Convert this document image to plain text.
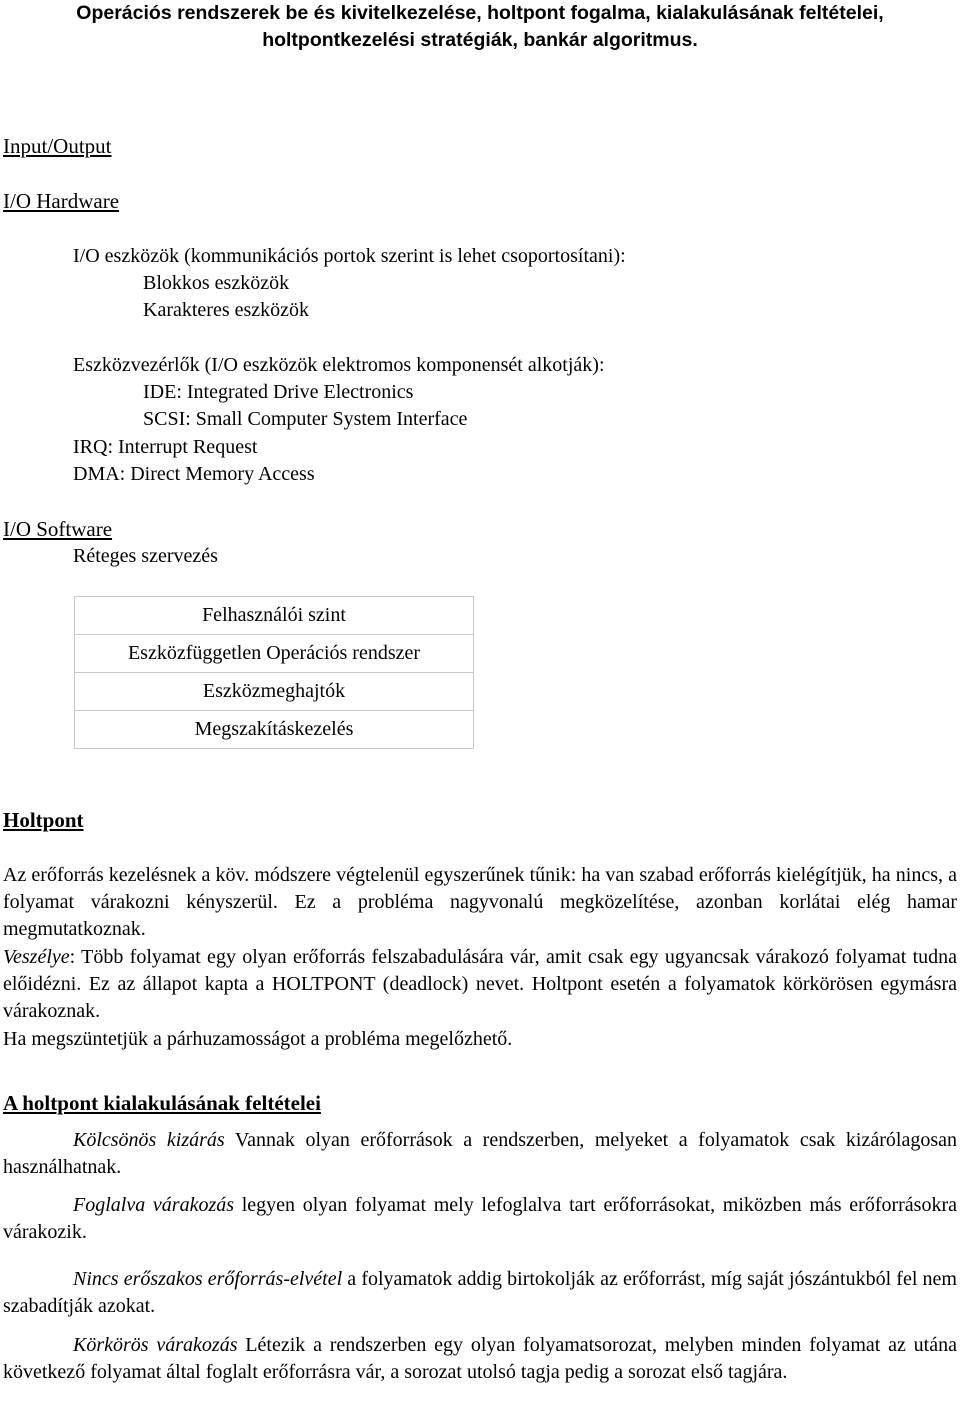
Operációs rendszerek be és kivitelkezelése, holtpont fogalma, kialakulásának feltételei,
holtpontkezelési stratégiák, bankár algoritmus.
Input/Output
I/O Hardware
I/O eszközök (kommunikációs portok szerint is lehet csoportosítani):
Blokkos eszközök
Karakteres eszközök
Eszközvezérlők (I/O eszközök elektromos komponensét alkotják):
IDE: Integrated Drive Electronics
SCSI: Small Computer System Interface
IRQ: Interrupt Request
DMA: Direct Memory Access
I/O Software
Réteges szervezés
Felhasználói szint
Eszközfüggetlen Operációs rendszer
Eszközmeghajtók
Megszakításkezelés
Holtpont
Az erőforrás kezelésnek a köv. módszere végtelenül egyszerűnek tűnik: ha van szabad erőforrás kielégítjük, ha nincs, a folyamat várakozni kényszerül. Ez a probléma nagyvonalú megközelítése, azonban korlátai elég hamar megmutatkoznak.
Veszélye: Több folyamat egy olyan erőforrás felszabadulására vár, amit csak egy ugyancsak várakozó folyamat tudna előidézni. Ez az állapot kapta a HOLTPONT (deadlock) nevet. Holtpont esetén a folyamatok körkörösen egymásra várakoznak.
Ha megszüntetjük a párhuzamosságot a probléma megelőzhető.
A holtpont kialakulásának feltételei
Kölcsönös kizárás Vannak olyan erőforrások a rendszerben, melyeket a folyamatok csak kizárólagosan használhatnak.
Foglalva várakozás legyen olyan folyamat mely lefoglalva tart erőforrásokat, miközben más erőforrásokra várakozik.
Nincs erőszakos erőforrás-elvétel a folyamatok addig birtokolják az erőforrást, míg saját jószántukból fel nem szabadítják azokat.
Körkörös várakozás Létezik a rendszerben egy olyan folyamatsorozat, melyben minden folyamat az utána következő folyamat által foglalt erőforrásra vár, a sorozat utolsó tagja pedig a sorozat első tagjára.
